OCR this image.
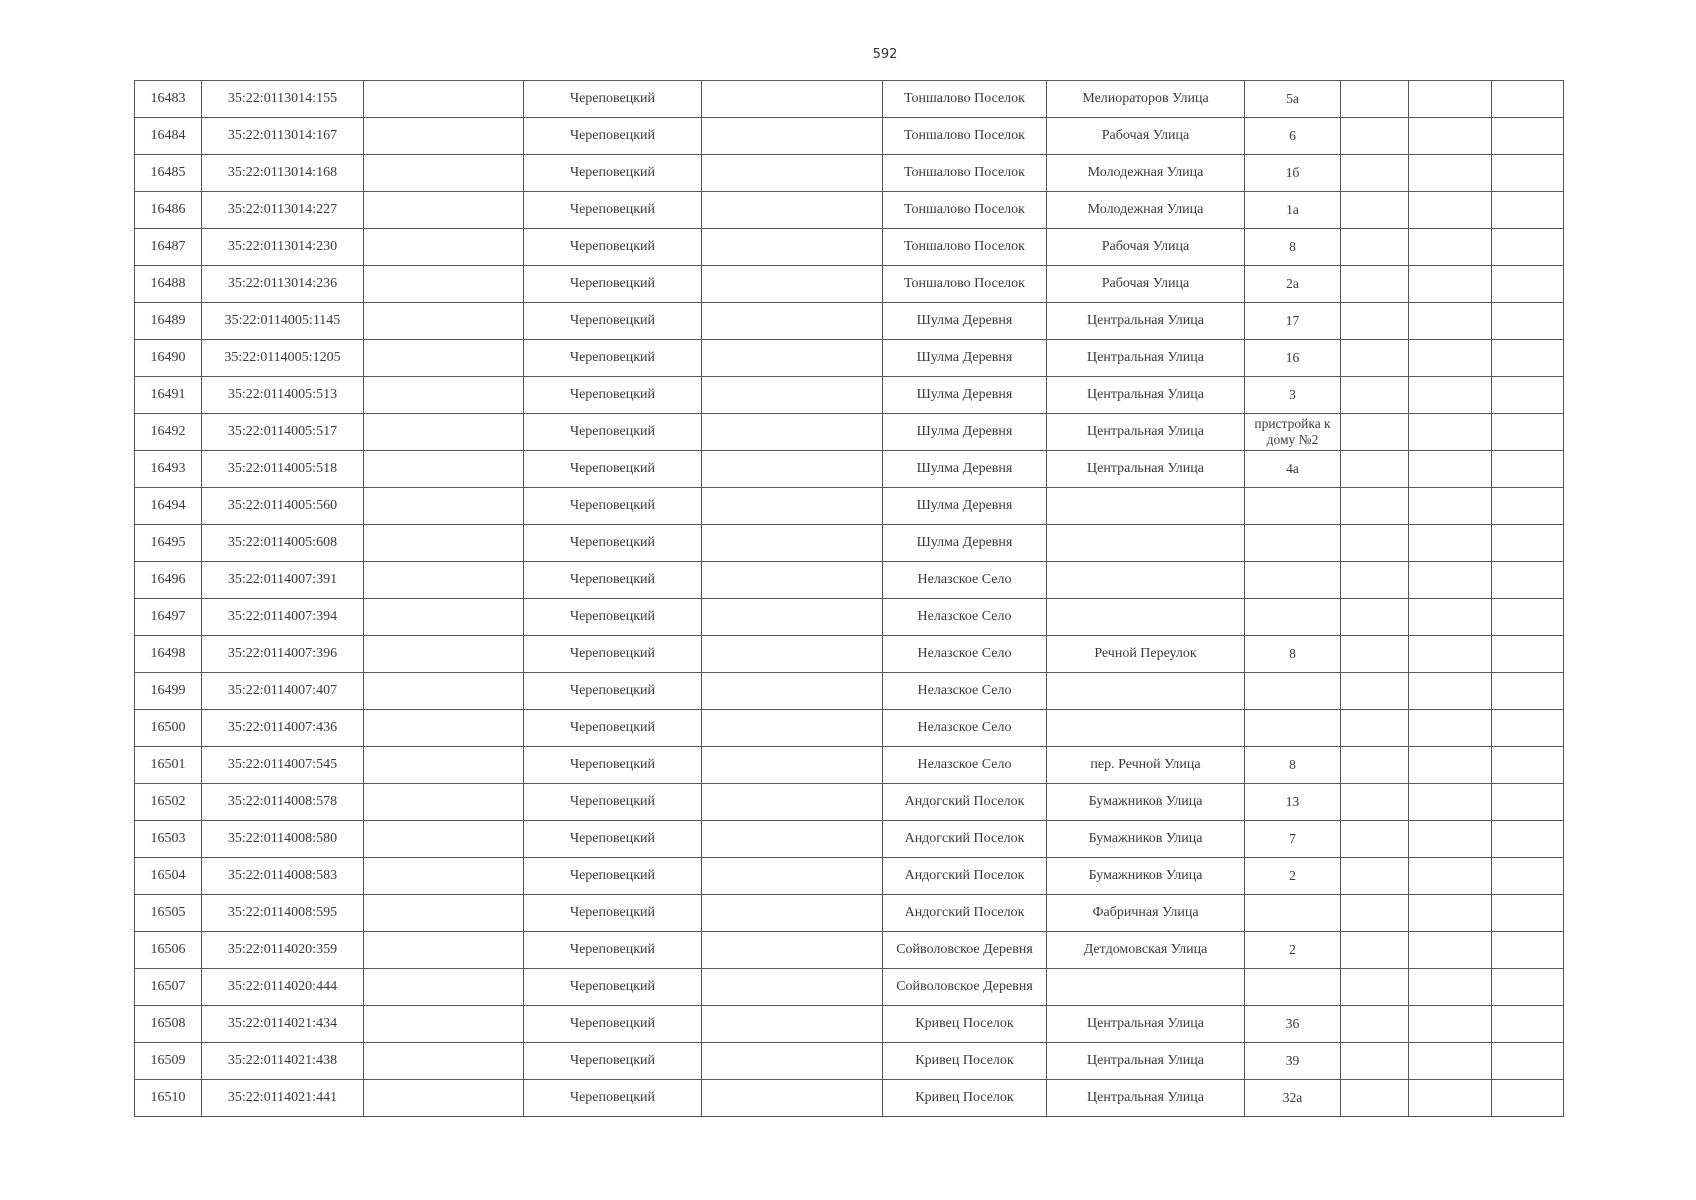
592
16483	35:22:0113014:155		Череповецкий		Тоншалово Поселок	Мелиораторов Улица	5а			
16484	35:22:0113014:167		Череповецкий		Тоншалово Поселок	Рабочая Улица	6			
16485	35:22:0113014:168		Череповецкий		Тоншалово Поселок	Молодежная Улица	1б			
16486	35:22:0113014:227		Череповецкий		Тоншалово Поселок	Молодежная Улица	1а			
16487	35:22:0113014:230		Череповецкий		Тоншалово Поселок	Рабочая Улица	8			
16488	35:22:0113014:236		Череповецкий		Тоншалово Поселок	Рабочая Улица	2а			
16489	35:22:0114005:1145		Череповецкий		Шулма Деревня	Центральная Улица	17			
16490	35:22:0114005:1205		Череповецкий		Шулма Деревня	Центральная Улица	16			
16491	35:22:0114005:513		Череповецкий		Шулма Деревня	Центральная Улица	3			
16492	35:22:0114005:517		Череповецкий		Шулма Деревня	Центральная Улица	пристройка к дому №2			
16493	35:22:0114005:518		Череповецкий		Шулма Деревня	Центральная Улица	4а			
16494	35:22:0114005:560		Череповецкий		Шулма Деревня					
16495	35:22:0114005:608		Череповецкий		Шулма Деревня					
16496	35:22:0114007:391		Череповецкий		Нелазское Село					
16497	35:22:0114007:394		Череповецкий		Нелазское Село					
16498	35:22:0114007:396		Череповецкий		Нелазское Село	Речной Переулок	8			
16499	35:22:0114007:407		Череповецкий		Нелазское Село					
16500	35:22:0114007:436		Череповецкий		Нелазское Село					
16501	35:22:0114007:545		Череповецкий		Нелазское Село	пер. Речной Улица	8			
16502	35:22:0114008:578		Череповецкий		Андогский Поселок	Бумажников Улица	13			
16503	35:22:0114008:580		Череповецкий		Андогский Поселок	Бумажников Улица	7			
16504	35:22:0114008:583		Череповецкий		Андогский Поселок	Бумажников Улица	2			
16505	35:22:0114008:595		Череповецкий		Андогский Поселок	Фабричная Улица				
16506	35:22:0114020:359		Череповецкий		Сойволовское Деревня	Детдомовская Улица	2			
16507	35:22:0114020:444		Череповецкий		Сойволовское Деревня					
16508	35:22:0114021:434		Череповецкий		Кривец Поселок	Центральная Улица	36			
16509	35:22:0114021:438		Череповецкий		Кривец Поселок	Центральная Улица	39			
16510	35:22:0114021:441		Череповецкий		Кривец Поселок	Центральная Улица	32а			
